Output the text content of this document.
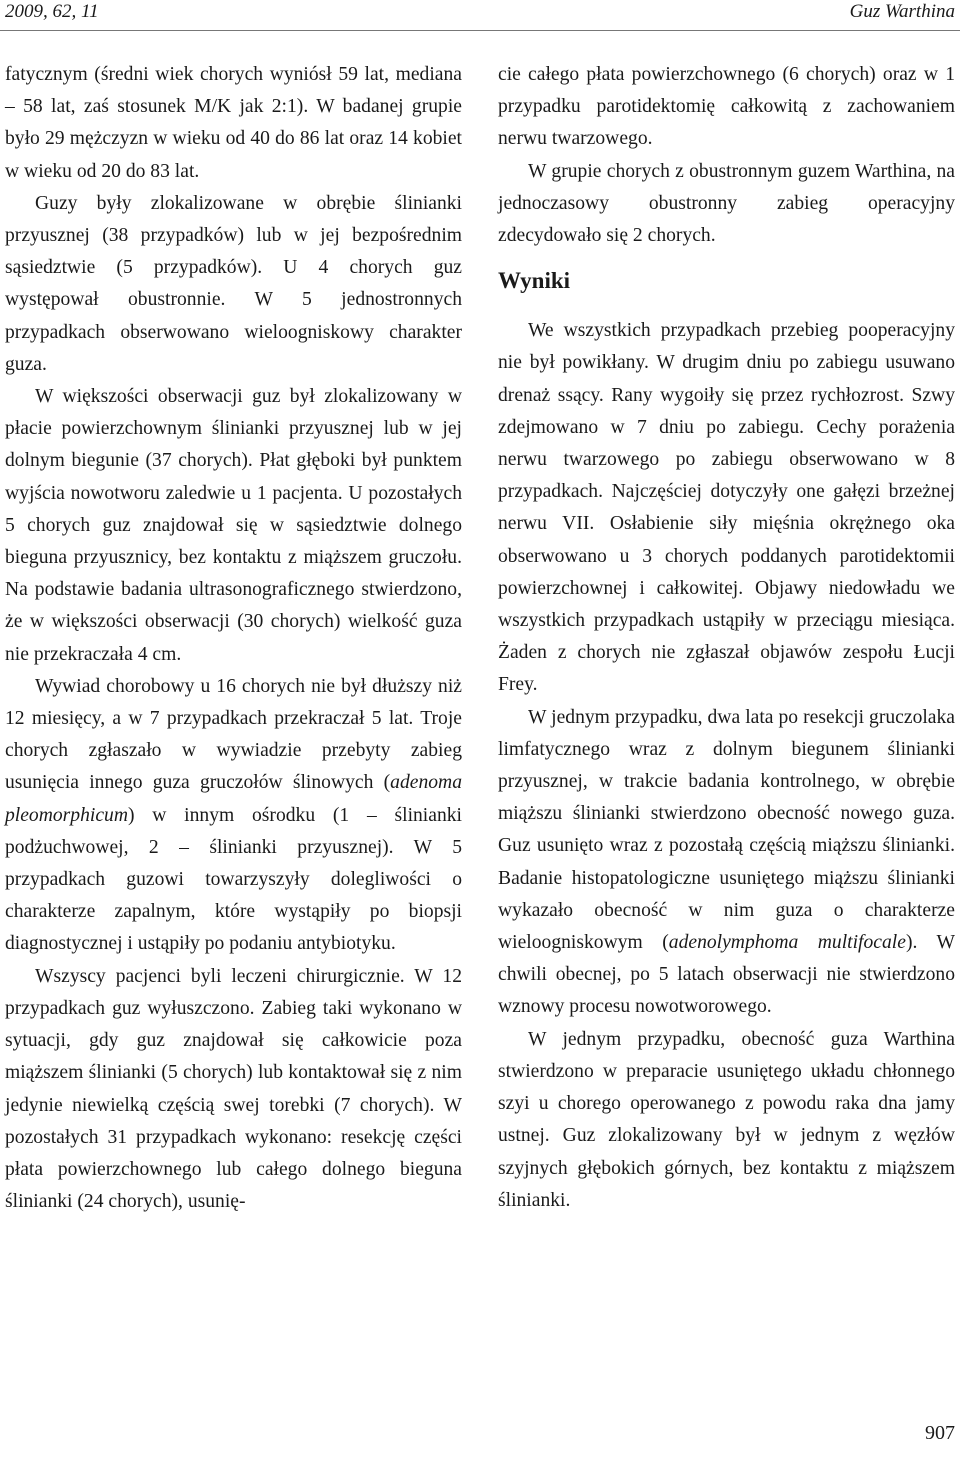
2009, 62, 11	Guz Warthina

fatycznym (średni wiek chorych wyniósł 59 lat, mediana – 58 lat, zaś stosunek M/K jak 2:1). W badanej grupie było 29 mężczyzn w wieku od 40 do 86 lat oraz 14 kobiet w wieku od 20 do 83 lat.

Guzy były zlokalizowane w obrębie ślinianki przyusznej (38 przypadków) lub w jej bezpośrednim sąsiedztwie (5 przypadków). U 4 chorych guz występował obustronnie. W 5 jednostronnych przypadkach obserwowano wieloogniskowy charakter guza.

W większości obserwacji guz był zlokalizowany w płacie powierzchownym ślinianki przyusznej lub w jej dolnym biegunie (37 chorych). Płat głęboki był punktem wyjścia nowotworu zaledwie u 1 pacjenta. U pozostałych 5 chorych guz znajdował się w sąsiedztwie dolnego bieguna przyusznicy, bez kontaktu z miąższem gruczołu. Na podstawie badania ultrasonograficznego stwierdzono, że w większości obserwacji (30 chorych) wielkość guza nie przekraczała 4 cm.

Wywiad chorobowy u 16 chorych nie był dłuższy niż 12 miesięcy, a w 7 przypadkach przekraczał 5 lat. Troje chorych zgłaszało w wywiadzie przebyty zabieg usunięcia innego guza gruczołów ślinowych (adenoma pleomorphicum) w innym ośrodku (1 – ślinianki podżuchwowej, 2 – ślinianki przyusznej). W 5 przypadkach guzowi towarzyszyły dolegliwości o charakterze zapalnym, które wystąpiły po biopsji diagnostycznej i ustąpiły po podaniu antybiotyku.

Wszyscy pacjenci byli leczeni chirurgicznie. W 12 przypadkach guz wyłuszczono. Zabieg taki wykonano w sytuacji, gdy guz znajdował się całkowicie poza miąższem ślinianki (5 chorych) lub kontaktował się z nim jedynie niewielką częścią swej torebki (7 chorych). W pozostałych 31 przypadkach wykonano: resekcję części płata powierzchownego lub całego dolnego bieguna ślinianki (24 chorych), usunię-

cie całego płata powierzchownego (6 chorych) oraz w 1 przypadku parotidektomię całkowitą z zachowaniem nerwu twarzowego.

W grupie chorych z obustronnym guzem Warthina, na jednoczasowy obustronny zabieg operacyjny zdecydowało się 2 chorych.

Wyniki

We wszystkich przypadkach przebieg pooperacyjny nie był powikłany. W drugim dniu po zabiegu usuwano drenaż ssący. Rany wygoiły się przez rychłozrost. Szwy zdejmowano w 7 dniu po zabiegu. Cechy porażenia nerwu twarzowego po zabiegu obserwowano w 8 przypadkach. Najczęściej dotyczyły one gałęzi brzeżnej nerwu VII. Osłabienie siły mięśnia okrężnego oka obserwowano u 3 chorych poddanych parotidektomii powierzchownej i całkowitej. Objawy niedowładu we wszystkich przypadkach ustąpiły w przeciągu miesiąca. Żaden z chorych nie zgłaszał objawów zespołu Łucji Frey.

W jednym przypadku, dwa lata po resekcji gruczolaka limfatycznego wraz z dolnym biegunem ślinianki przyusznej, w trakcie badania kontrolnego, w obrębie miąższu ślinianki stwierdzono obecność nowego guza. Guz usunięto wraz z pozostałą częścią miąższu ślinianki. Badanie histopatologiczne usuniętego miąższu ślinianki wykazało obecność w nim guza o charakterze wieloogniskowym (adenolymphoma multifocale). W chwili obecnej, po 5 latach obserwacji nie stwierdzono wznowy procesu nowotworowego.

W jednym przypadku, obecność guza Warthina stwierdzono w preparacie usuniętego układu chłonnego szyi u chorego operowanego z powodu raka dna jamy ustnej. Guz zlokalizowany był w jednym z węzłów szyjnych głębokich górnych, bez kontaktu z miąższem ślinianki.

907
